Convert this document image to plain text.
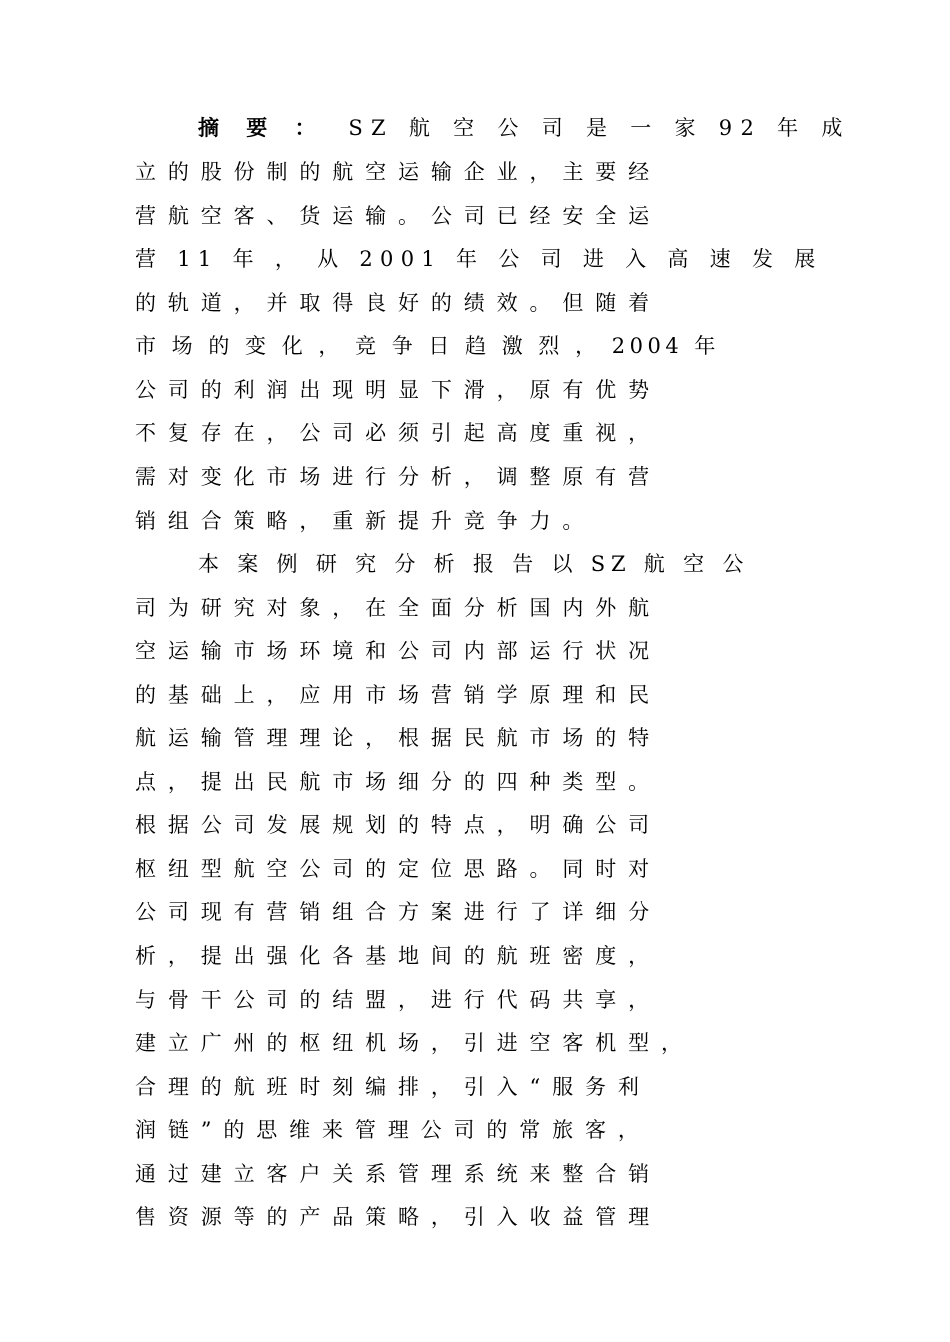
摘 要 ： SZ 航 空 公 司 是 一 家 92 年 成
立 的 股 份 制 的 航 空 运 输 企 业 ， 主 要 经
营 航 空 客 、 货 运 输 。 公 司 已 经 安 全 运
营 11 年 ， 从 2001 年 公 司 进 入 高 速 发 展
的 轨 道 ， 并 取 得 良 好 的 绩 效 。 但 随 着
市 场 的 变 化 ， 竞 争 日 趋 激 烈 ， 2004 年
公 司 的 利 润 出 现 明 显 下 滑 ， 原 有 优 势
不 复 存 在 ， 公 司 必 须 引 起 高 度 重 视 ，
需 对 变 化 市 场 进 行 分 析 ， 调 整 原 有 营
销 组 合 策 略 ， 重 新 提 升 竞 争 力 。
本 案 例 研 究 分 析 报 告 以 SZ 航 空 公
司 为 研 究 对 象 ， 在 全 面 分 析 国 内 外 航
空 运 输 市 场 环 境 和 公 司 内 部 运 行 状 况
的 基 础 上 ， 应 用 市 场 营 销 学 原 理 和 民
航 运 输 管 理 理 论 ， 根 据 民 航 市 场 的 特
点 ， 提 出 民 航 市 场 细 分 的 四 种 类 型 。
根 据 公 司 发 展 规 划 的 特 点 ， 明 确 公 司
枢 纽 型 航 空 公 司 的 定 位 思 路 。 同 时 对
公 司 现 有 营 销 组 合 方 案 进 行 了 详 细 分
析 ， 提 出 强 化 各 基 地 间 的 航 班 密 度 ，
与 骨 干 公 司 的 结 盟 ， 进 行 代 码 共 享 ，
建 立 广 州 的 枢 纽 机 场 ， 引 进 空 客 机 型 ，
合 理 的 航 班 时 刻 编 排 ， 引 入 “ 服 务 利
润 链 ” 的 思 维 来 管 理 公 司 的 常 旅 客 ，
通 过 建 立 客 户 关 系 管 理 系 统 来 整 合 销
售 资 源 等 的 产 品 策 略 ， 引 入 收 益 管 理
